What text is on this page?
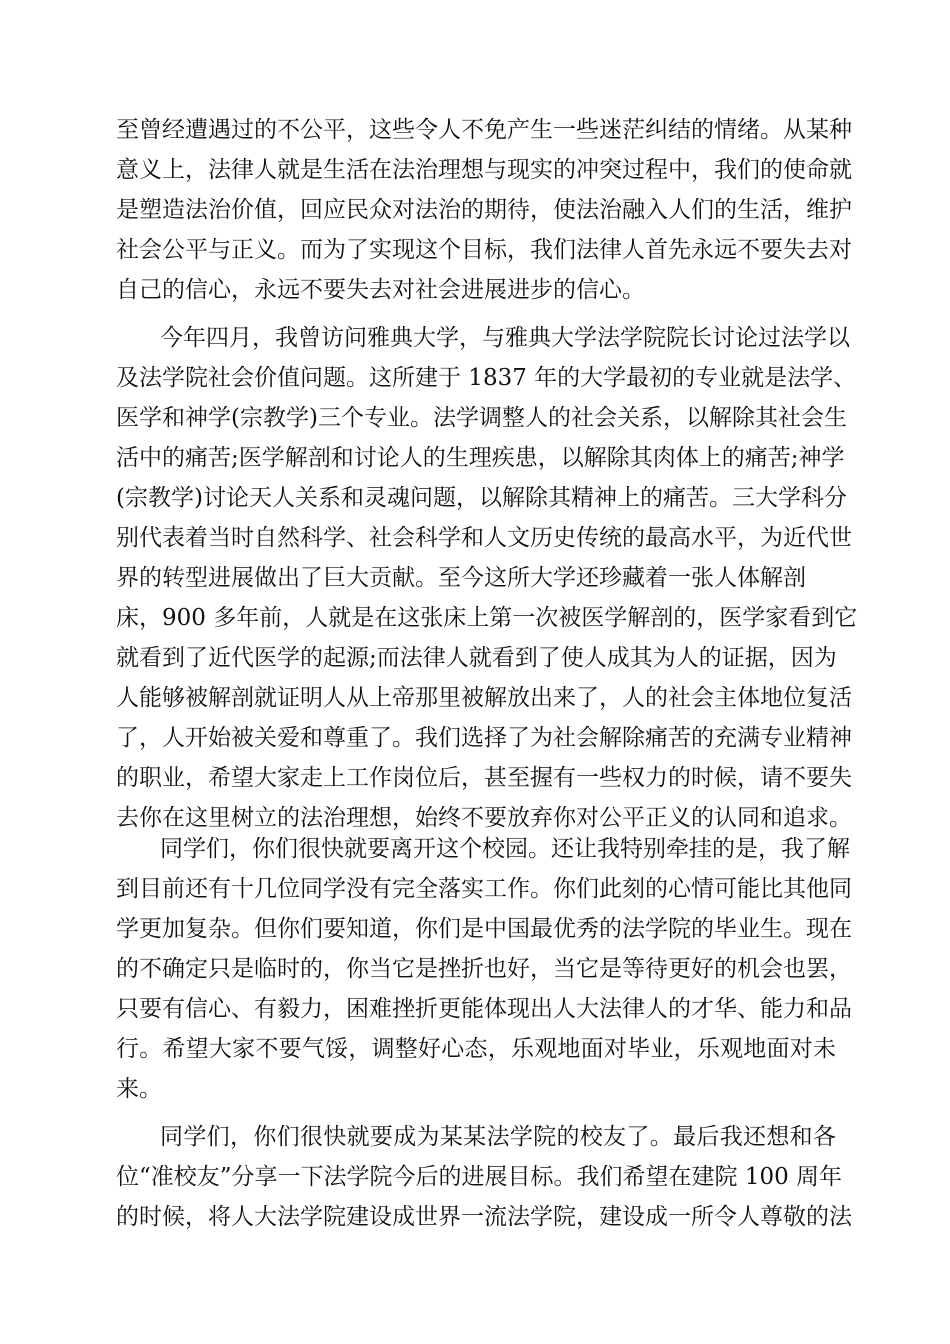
至曾经遭遇过的不公平，这些令人不免产生一些迷茫纠结的情绪。从某种
意义上，法律人就是生活在法治理想与现实的冲突过程中，我们的使命就
是塑造法治价值，回应民众对法治的期待，使法治融入人们的生活，维护
社会公平与正义。而为了实现这个目标，我们法律人首先永远不要失去对
自己的信心，永远不要失去对社会进展进步的信心。
今年四月，我曾访问雅典大学，与雅典大学法学院院长讨论过法学以
及法学院社会价值问题。这所建于 1837 年的大学最初的专业就是法学、
医学和神学(宗教学)三个专业。法学调整人的社会关系，以解除其社会生
活中的痛苦;医学解剖和讨论人的生理疾患，以解除其肉体上的痛苦;神学
(宗教学)讨论天人关系和灵魂问题，以解除其精神上的痛苦。三大学科分
别代表着当时自然科学、社会科学和人文历史传统的最高水平，为近代世
界的转型进展做出了巨大贡献。至今这所大学还珍藏着一张人体解剖
床，900 多年前，人就是在这张床上第一次被医学解剖的，医学家看到它
就看到了近代医学的起源;而法律人就看到了使人成其为人的证据，因为
人能够被解剖就证明人从上帝那里被解放出来了，人的社会主体地位复活
了，人开始被关爱和尊重了。我们选择了为社会解除痛苦的充满专业精神
的职业，希望大家走上工作岗位后，甚至握有一些权力的时候，请不要失
去你在这里树立的法治理想，始终不要放弃你对公平正义的认同和追求。
同学们，你们很快就要离开这个校园。还让我特别牵挂的是，我了解
到目前还有十几位同学没有完全落实工作。你们此刻的心情可能比其他同
学更加复杂。但你们要知道，你们是中国最优秀的法学院的毕业生。现在
的不确定只是临时的，你当它是挫折也好，当它是等待更好的机会也罢，
只要有信心、有毅力，困难挫折更能体现出人大法律人的才华、能力和品
行。希望大家不要气馁，调整好心态，乐观地面对毕业，乐观地面对未
来。
同学们，你们很快就要成为某某法学院的校友了。最后我还想和各
位“准校友”分享一下法学院今后的进展目标。我们希望在建院 100 周年
的时候，将人大法学院建设成世界一流法学院，建设成一所令人尊敬的法
